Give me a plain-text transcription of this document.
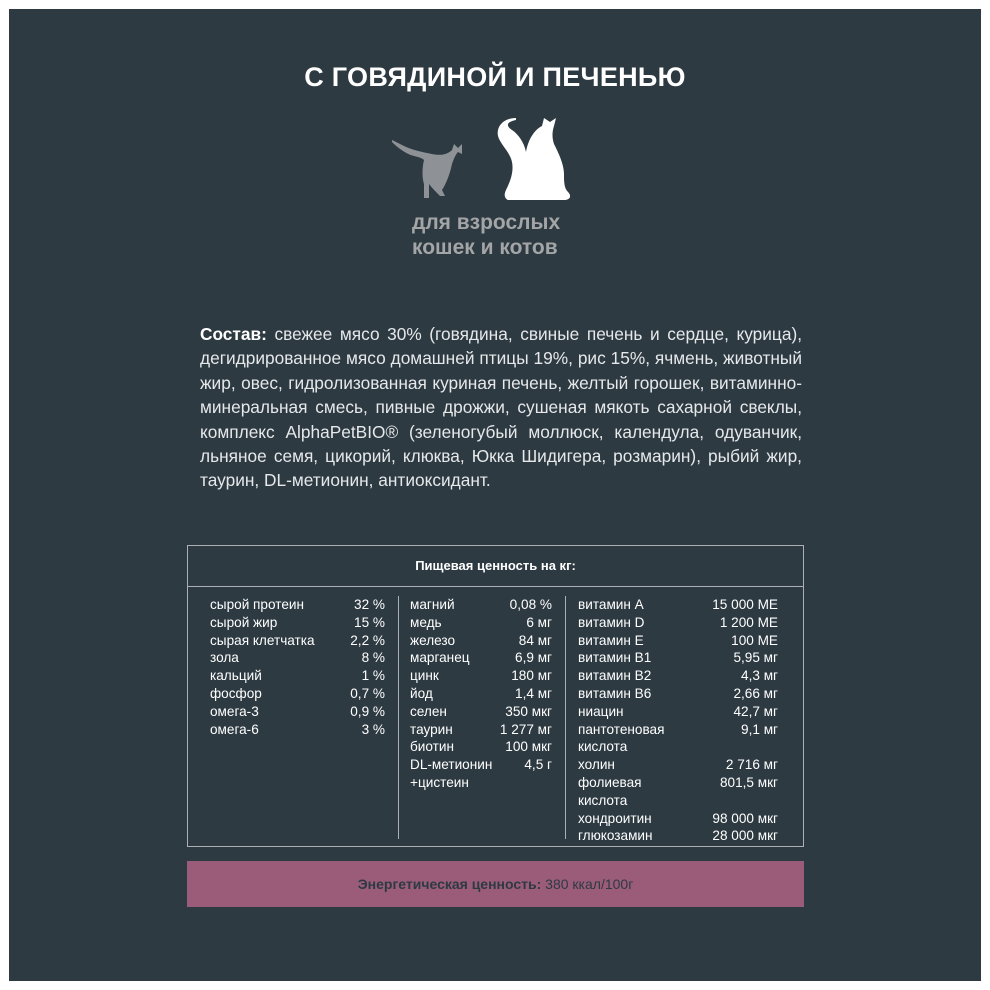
С ГОВЯДИНОЙ И ПЕЧЕНЬЮ
для взрослых
кошек и котов
Состав: свежее мясо 30% (говядина, свиные печень и сердце, курица), дегидрированное мясо домашней птицы 19%, рис 15%, ячмень, животный жир, овес, гидролизованная куриная печень, желтый горошек, витаминно-минеральная смесь, пивные дрожжи, сушеная мякоть сахарной свеклы, комплекс AlphaPetBIO® (зеленогубый моллюск, календула, одуванчик, льняное семя, цикорий, клюква, Юкка Шидигера, розмарин), рыбий жир, таурин, DL-метионин, антиоксидант.
Пищевая ценность на кг:
сырой протеин	32 %
сырой жир	15 %
сырая клетчатка	2,2 %
зола	8 %
кальций	1 %
фосфор	0,7 %
омега-3	0,9 %
омега-6	3 %
магний	0,08 %
медь	6 мг
железо	84 мг
марганец	6,9 мг
цинк	180 мг
йод	1,4 мг
селен	350 мкг
таурин	1 277 мг
биотин	100 мкг
DL-метионин 4,5 г
+цистеин
витамин A	15 000 МЕ
витамин D	1 200 МЕ
витамин E	100 МЕ
витамин B1	5,95 мг
витамин B2	4,3 мг
витамин B6	2,66 мг
ниацин	42,7 мг
пантотеновая	9,1 мг
кислота
холин	2 716 мг
фолиевая	801,5 мкг
кислота
хондроитин	98 000 мкг
глюкозамин	28 000 мкг
Энергетическая ценность: 380 ккал/100г
